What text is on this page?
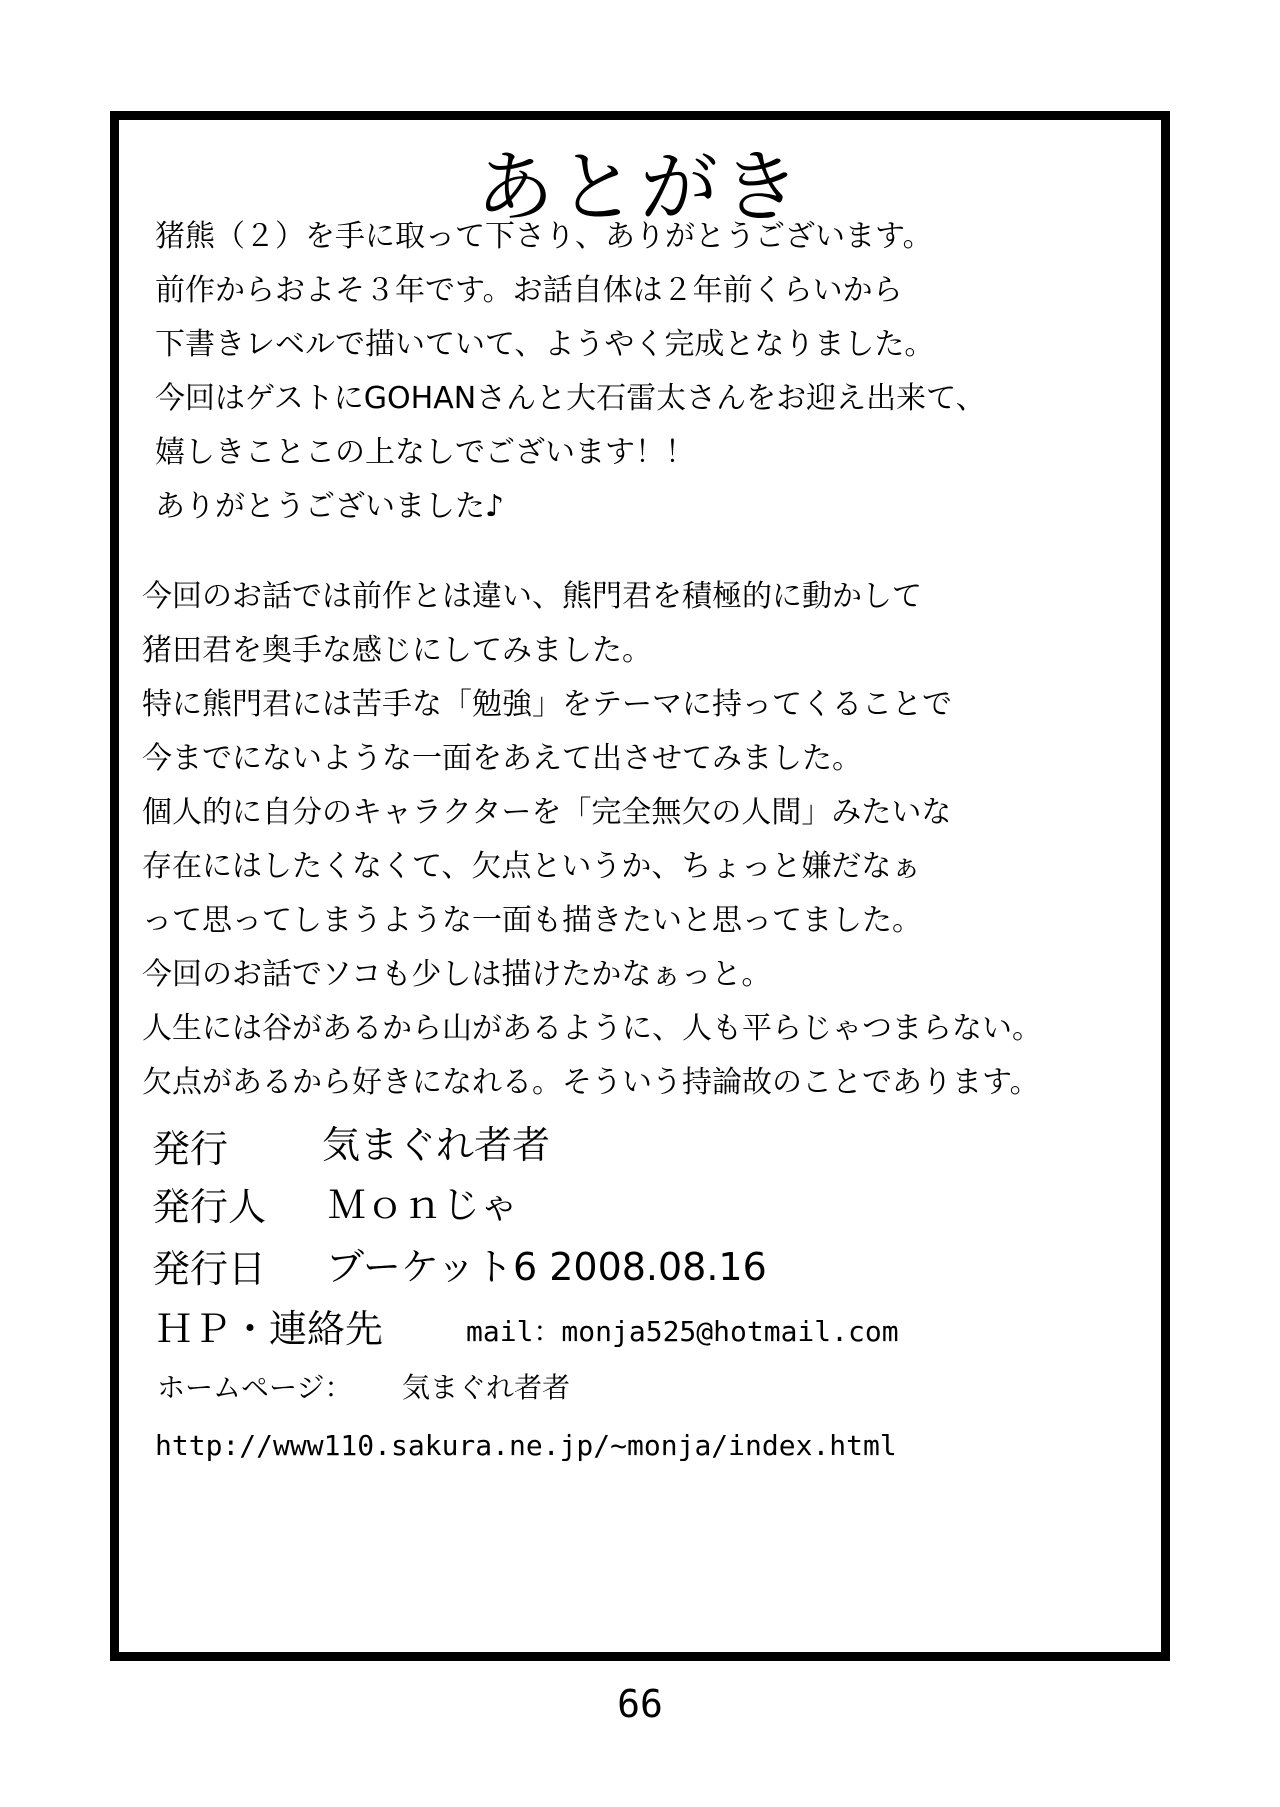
あとがき
猪熊（２）を手に取って下さり、ありがとうございます。
前作からおよそ３年です。お話自体は２年前くらいから
下書きレベルで描いていて、ようやく完成となりました。
今回はゲストにGOHANさんと大石雷太さんをお迎え出来て、
嬉しきことこの上なしでございます！！
ありがとうございました♪
今回のお話では前作とは違い、熊門君を積極的に動かして
猪田君を奥手な感じにしてみました。
特に熊門君には苦手な「勉強」をテーマに持ってくることで
今までにないような一面をあえて出させてみました。
個人的に自分のキャラクターを「完全無欠の人間」みたいな
存在にはしたくなくて、欠点というか、ちょっと嫌だなぁ
って思ってしまうような一面も描きたいと思ってました。
今回のお話でソコも少しは描けたかなぁっと。
人生には谷があるから山があるように、人も平らじゃつまらない。
欠点があるから好きになれる。そういう持論故のことであります。
発行 気まぐれ者者
発行人 Ｍｏｎじゃ
発行日 ブーケット6 2008.08.16
ＨＰ・連絡先	mail：monja525@hotmail.com
ホームページ： 気まぐれ者者
http://www110.sakura.ne.jp/~monja/index.html
66
